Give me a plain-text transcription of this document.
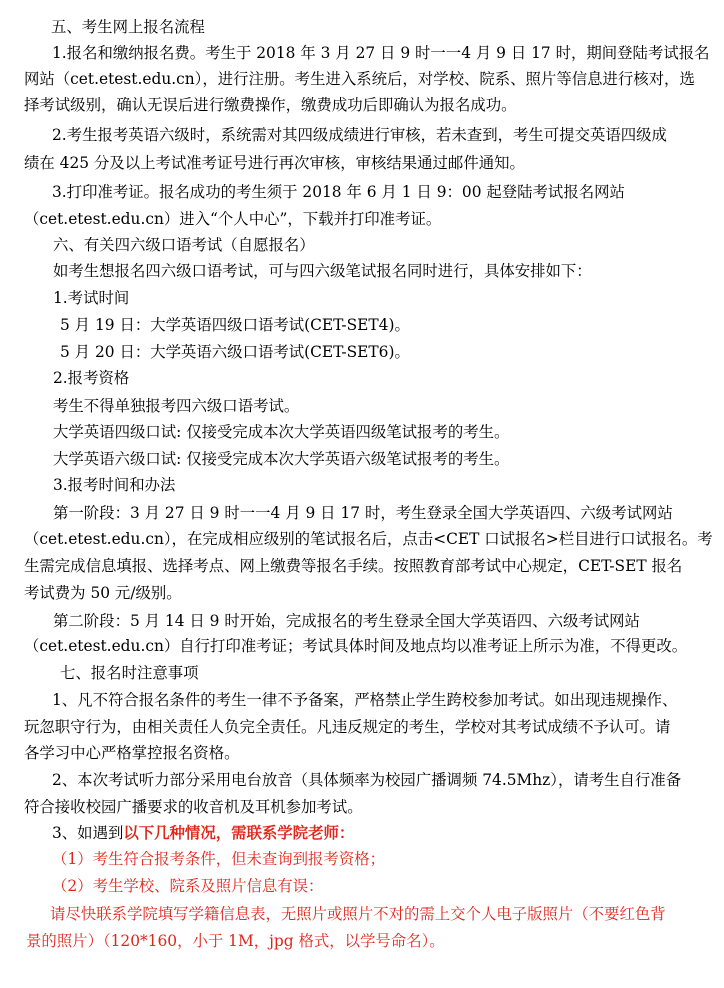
五、考生网上报名流程
1.报名和缴纳报名费。考生于 2018 年 3 月 27 日 9 时一一4 月 9 日 17 时，期间登陆考试报名
网站（cet.etest.edu.cn），进行注册。考生进入系统后，对学校、院系、照片等信息进行核对，选
择考试级别，确认无误后进行缴费操作，缴费成功后即确认为报名成功。
2.考生报考英语六级时，系统需对其四级成绩进行审核，若未查到，考生可提交英语四级成
绩在 425 分及以上考试准考证号进行再次审核，审核结果通过邮件通知。
3.打印准考证。报名成功的考生须于 2018 年 6 月 1 日 9：00 起登陆考试报名网站
（cet.etest.edu.cn）进入“个人中心”，下载并打印准考证。
六、有关四六级口语考试（自愿报名）
如考生想报名四六级口语考试，可与四六级笔试报名同时进行，具体安排如下：
1.考试时间
5 月 19 日：大学英语四级口语考试(CET-SET4)。
5 月 20 日：大学英语六级口语考试(CET-SET6)。
2.报考资格
考生不得单独报考四六级口语考试。
大学英语四级口试: 仅接受完成本次大学英语四级笔试报考的考生。
大学英语六级口试: 仅接受完成本次大学英语六级笔试报考的考生。
3.报考时间和办法
第一阶段：3 月 27 日 9 时一一4 月 9 日 17 时，考生登录全国大学英语四、六级考试网站
（cet.etest.edu.cn），在完成相应级别的笔试报名后，点击<CET 口试报名>栏目进行口试报名。考
生需完成信息填报、选择考点、网上缴费等报名手续。按照教育部考试中心规定，CET-SET 报名
考试费为 50 元/级别。
第二阶段：5 月 14 日 9 时开始，完成报名的考生登录全国大学英语四、六级考试网站
（cet.etest.edu.cn）自行打印准考证；考试具体时间及地点均以准考证上所示为准，不得更改。
七、报名时注意事项
1、凡不符合报名条件的考生一律不予备案，严格禁止学生跨校参加考试。如出现违规操作、
玩忽职守行为，由相关责任人负完全责任。凡违反规定的考生，学校对其考试成绩不予认可。请
各学习中心严格掌控报名资格。
2、本次考试听力部分采用电台放音（具体频率为校园广播调频 74.5Mhz），请考生自行准备
符合接收校园广播要求的收音机及耳机参加考试。
3、如遇到以下几种情况，需联系学院老师：
（1）考生符合报考条件，但未查询到报考资格；
（2）考生学校、院系及照片信息有误：
请尽快联系学院填写学籍信息表，无照片或照片不对的需上交个人电子版照片（不要红色背
景的照片）（120*160，小于 1M，jpg 格式，以学号命名）。
